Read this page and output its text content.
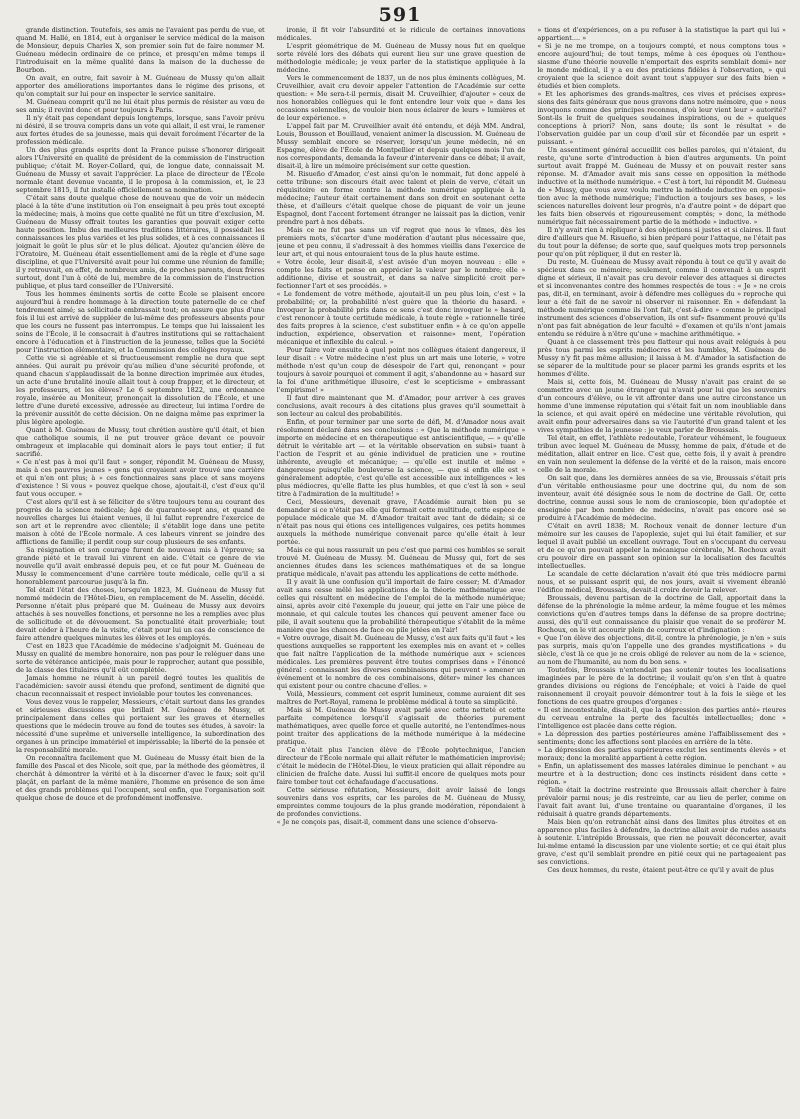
591

grande distinction. Toutefois, ses amis ne l'avaient pas perdu de vue, et quand M. Hallé, en 1814, eut à organiser le service médical de la maison de Monsieur, depuis Charles X, son premier soin fut de faire nommer M. Guéneau médecin ordinaire de ce prince, et presqu'en même temps il l'introduisait en la même qualité dans la maison de la duchesse de Bourbon.

On avait, en outre, fait savoir à M. Guéneau de Mussy qu'on allait apporter des améliorations importantes dans le régime des prisons, et qu'on comptait sur lui pour en inspecter le service sanitaire.

M. Guéneau comprit qu'il ne lui était plus permis de résister au vœu de ses amis; il revint donc et pour toujours à Paris.

Il n'y était pas cependant depuis longtemps, lorsque, sans l'avoir prévu ni désiré, il se trouva compris dans un vote qui allait, il est vrai, le ramener aux fortes études de sa jeunesse, mais qui devait forcément l'écarter de la profession médicale.

Un des plus grands esprits dont la France puisse s'honorer dirigeait alors l'Université en qualité de président de la commission de l'instruction publique; c'était M. Royer-Collard, qui, de longue date, connaissait M. Guéneau de Mussy et savait l'apprécier. La place de directeur de l'École normale étant devenue vacante, il le proposa à la commission, et, le 23 septembre 1815, il fut installé officiellement sa nomination.

C'était sans doute quelque chose de nouveau que de voir un médecin placé à la tête d'une institution où l'on enseignait à peu près tout excepté la médecine; mais, à moins que cette qualité ne fût un titre d'exclusion, M. Guéneau de Mussy offrait toutes les garanties que pouvait exiger cette haute position. Imbu des meilleures traditions littéraires, il possédait les connaissances les plus variées et les plus solides, et à ces connaissances il joignait le goût le plus sûr et le plus délicat. Ajoutez qu'ancien élève de l'Oratoire, M. Guéneau était essentiellement ami de la règle et d'une sage discipline, et que l'Université avait pour lui comme une réunion de famille; il y retrouvait, en effet, de nombreux amis, de proches parents, deux frères surtout, dont l'un à côté de lui, membre de la commission de l'instruction publique, et plus tard conseiller de l'Université.

Tous les hommes éminents sortis de cette École se plaisent encore aujourd'hui à rendre hommage à la direction toute paternelle de ce chef tendrement aimé; sa sollicitude embrassait tout; on assure que plus d'une fois il lui est arrivé de suppléer de lui-même des professeurs absents pour que les cours ne fussent pas interrompus. Le temps que lui laissaient les soins de l'École, il le consacrait à d'autres institutions qui se rattachaient encore à l'éducation et à l'instruction de la jeunesse, telles que la Société pour l'instruction élémentaire, et la Commission des collèges royaux.

Cette vie si agréable et si fructueusement remplie ne dura que sept années. Qui aurait pu prévoir qu'au milieu d'une sécurité profonde, et quand chacun s'applaudissait de la bonne direction imprimée aux études, un acte d'une brutalité inouïe allait tout à coup frapper, et le directeur, et les professeurs, et les élèves? Le 6 septembre 1822, une ordonnance royale, insérée au Moniteur, prononçait la dissolution de l'École, et une lettre d'une dureté excessive, adressée au directeur, lui intima l'ordre de la prévenir aussitôt de cette décision. On ne daigna même pas exprimer la plus légère apologie.

Quant à M. Guéneau de Mussy, tout chrétien austère qu'il était, et bien que catholique soumis, il ne put trouver grâce devant ce pouvoir ombrageux et implacable qui dominait alors le pays tout entier; il fut sacrifié.

« Ce n'est pas à moi qu'il faut » songer, répondit M. Guéneau de Mussy, mais à ces pauvres jeunes » gens qui croyaient avoir trouvé une carrière et qui n'en ont plus; à » ces fonctionnaires sans place et sans moyens d'existence ! Si vous » pouvez quelque chose, ajoutait-il, c'est d'eux qu'il faut vous occuper. »

C'est alors qu'il est à se féliciter de s'être toujours tenu au courant des progrès de la science médicale; âgé de quarante-sept ans, et quand de nouvelles charges lui étaient venues, il lui fallut reprendre l'exercice de son art et le reprendre avec clientèle; il s'établit loge dans une petite maison à côté de l'École normale. A ces labeurs vinrent se joindre des afflictions de famille; il perdit coup sur coup plusieurs de ses enfants.

Sa résignation et son courage furent de nouveau mis à l'épreuve; sa grande piété et le travail lui vinrent en aide. C'était ce genre de vie nouvelle qu'il avait embrassé depuis peu, et ce fut pour M. Guéneau de Mussy le commencement d'une carrière toute médicale, celle qu'il a si honorablement parcourue jusqu'à la fin.

Tel était l'état des choses, lorsqu'en 1823, M. Guéneau de Mussy fut nommé médecin de l'Hôtel-Dieu, en remplacement de M. Asselin, décédé. Personne n'était plus préparé que M. Guéneau de Mussy aux devoirs attachés à ses nouvelles fonctions, et personne ne les a remplies avec plus de sollicitude et de dévouement. Sa ponctualité était proverbiale; tout devait céder à l'heure de la visite, c'était pour lui un cas de conscience de faire attendre quelques minutes les élèves et les employés.

C'est en 1823 que l'Académie de médecine s'adjoignit M. Guéneau de Mussy en qualité de membre honoraire, non pas pour le reléguer dans une sorte de vétérance anticipée, mais pour le rapprocher, autant que possible, de la classe des titulaires qu'il eût complétée.

Jamais homme ne réunit à un pareil degré toutes les qualités de l'académicien: savoir aussi étendu que profond, sentiment de dignité que chacun reconnaissait et respect inviolable pour toutes les convenances.

Vous devez vous le rappeler, Messieurs, c'était surtout dans les grandes et sérieuses discussions que brillait M. Guéneau de Mussy, et principalement dans celles qui portaient sur les graves et éternelles questions que le médecin trouve au fond de toutes ses études, à savoir: la nécessité d'une suprême et universelle intelligence, la subordination des organes à un principe immatériel et impérissable; la liberté de la pensée et la responsabilité morale.

On reconnaîtra facilement que M. Guéneau de Mussy était bien de la famille des Pascal et des Nicole, soit que, par la méthode des géomètres, il cherchât à démontrer la vérité et à la discerner d'avec le faux; soit qu'il plaçât, en parlant de la même manière, l'homme en présence de son âme et des grands problèmes qui l'occupent, seul enfin, que l'organisation soit quelque chose de douce et de profondément inoffensive.

ironie, il fit voir l'absurdité et le ridicule de certaines innovations médicales.

L'esprit géométrique de M. Guéneau de Mussy nous fut en quelque sorte révélé lors des débats qui eurent lieu sur une grave question de méthodologie médicale; je veux parler de la statistique appliquée à la médecine.

Vers le commencement de 1837, un de nos plus éminents collègues, M. Cruveilhier, avait cru devoir appeler l'attention de l'Académie sur cette question: « Me sera-t-il permis, disait M. Cruveilhier, d'ajouter » ceux de nos honorables collègues qui le font entendre leur voix que » dans les occasions solennelles, de vouloir bien nous éclairer de leurs » lumières et de leur expérience. »

L'appel fait par M. Cruveilhier avait été entendu, et déjà MM. Andral, Louis, Bousson et Bouillaud, venaient animer la discussion. M. Guéneau de Mussy semblait encore se réserver, lorsqu'un jeune médecin, né en Espagne, élève de l'École de Montpellier et depuis quelques mois l'un de nos correspondants, demanda la faveur d'intervenir dans ce débat; il avait, disait-il, à lire un mémoire précisément sur cette question.

M. Risueño d'Amador, c'est ainsi qu'on le nommait, fut donc appelé à cette tribune: son discours était avec talent et plein de verve, c'était un réquisitoire en forme contre la méthode numérique appliquée à la médecine; l'auteur était certainement dans son droit en soutenant cette thèse, et d'ailleurs c'était quelque chose de piquant de voir un jeune Espagnol, dont l'accent fortement étranger ne laissait pas la diction, venir prendre part à nos débats.

Mais ce ne fut pas sans un vif regret que nous le vîmes, dès les premiers mots, s'écarter d'une modération d'autant plus nécessaire que, jeune et peu connu, il s'adressait à des hommes vieillis dans l'exercice de leur art, et qui nous entouraient tous de la plus haute estime.

« Votre école, leur disait-il, s'est avisée d'un moyen nouveau : elle » compte les faits et pense en apprécier la valeur par le nombre; elle » additionne, divise et soustrait, et dans sa naïve simplicité croit per» fectionner l'art et ses procédés. »

« Le fondement de votre méthode, ajoutait-il un peu plus loin, c'est » la probabilité; or, la probabilité n'est guère que la théorie du hasard. » Invoquer la probabilité pris dans ce sens c'est donc invoquer le » hasard, c'est renoncer à toute certitude médicale, à toute règle » rationnelle tirée des faits propres à la science, c'est substituer enfin » à ce qu'on appelle induction, expérience, observation et raisonne» ment, l'opération mécanique et inflexible du calcul. »

Pour faire voir ensuite à quel point nos collègues étaient dangereux, il leur disait : « Votre médecine n'est plus un art mais une loterie, » votre méthode n'est qu'un coup de désespoir de l'art qui, renonçant » pour toujours à savoir pourquoi et comment il agit, s'abandonne au » hasard sur la foi d'une arithmétique illusoire, c'est le scepticisme » embrassant l'empirisme! »

Il faut dire maintenant que M. d'Amador, pour arriver à ces graves conclusions, avait recours à des citations plus graves qu'il soumettait à son lecteur au calcul des probabilités.

Enfin, et pour terminer par une sorte de défi, M. d'Amador nous avait résolument déclaré dans ses conclusions : « Que la méthode numérique » importe en médecine et en thérapeutique est antiscientifique, — » qu'elle détruit le véritable art — et la véritable observation en subsi» tuant à l'action de l'esprit et au génie individuel de praticien une » routine inhérente, aveugle et mécanique; — qu'elle est inutile et même » dangereuse puisqu'elle bouleverse la science, — que si enfin elle est » généralement adoptée, c'est qu'elle est accessible aux intelligences » les plus médiocres, qu'elle flatte les plus humbles, et que c'est là son » seul titre à l'admiration de la multitude! »

Ceci, Messieurs, devenait grave, l'Académie aurait bien pu se demander si ce n'était pas elle qui formait cette multitude, cette espèce de populace médicale que M. d'Amador traitait avec tant de dédain; si ce n'était pas nous qui étions ces intelligences vulgaires, ces petits hommes auxquels la méthode numérique convenait parce qu'elle était à leur portée.

Mais ce qui nous rassurait un peu c'est que parmi ces humbles se serait trouvé M. Guéneau de Mussy. M. Guéneau de Mussy qui, fort de ses anciennes études dans les sciences mathématiques et de sa longue pratique médicale, n'avait pas attendu les applications de cette méthode.

Il y avait là une confusion qu'il importait de faire cesser; M. d'Amador avait sans cesse mêlé les applications de la théorie mathématique avec celles qui résultent en médecine de l'emploi de la méthode numérique; ainsi, après avoir cité l'exemple du joueur, qui jette en l'air une pièce de monnaie, et qui calcule toutes les chances qui peuvent amener face ou pile, il avait soutenu que la probabilité thérapeutique s'établit de la même manière que les chances de face ou pile jetées en l'air!

« Votre ouvrage, disait M. Guéneau de Mussy, c'est aux faits qu'il faut » les questions auxquelles se rapportent les exemples mis en avant et » celles que fait naître l'application de la méthode numérique aux » sciences médicales. Les premières peuvent être toutes comprises dans » l'énoncé général : connaissant les diverses combinaisons qui peuvent » amener un événement et le nombre de ces combinaisons, déter» miner les chances qui existent pour ou contre chacune d'elles. »

Voilà, Messieurs, comment cet esprit lumineux, comme auraient dit ses maîtres de Port-Royal, ramena le problème médical à toute sa simplicité.

Mais si M. Guéneau de Mussy avait parlé avec cette netteté et cette parfaite compétence lorsqu'il s'agissait de théories purement mathématiques, avec quelle force et quelle autorité, ne l'entendîmes-nous point traiter des applications de la méthode numérique à la médecine pratique.

Ce n'était plus l'ancien élève de l'École polytechnique, l'ancien directeur de l'École normale qui allait réfuter le mathématicien improvisé; c'était le médecin de l'Hôtel-Dieu, le vieux praticien qui allait répondre au clinicien de fraîche date. Aussi lui suffit-il encore de quelques mots pour faire tomber tout cet échafaudage d'accusations.

Cette sérieuse réfutation, Messieurs, doit avoir laissé de longs souvenirs dans vos esprits, car les paroles de M. Guéneau de Mussy, empreintes comme toujours de la plus grande modération, répondaient à de profondes convictions.

« Je ne conçois pas, disait-il, comment dans une science d'observa-

» tions et d'expériences, on a pu refuser à la statistique la part qui lui » appartient.... »

« Si je ne me trompe, on a toujours compté, et nous comptons tous » encore aujourd'hui; de tout temps, même à ces époques où l'enthou» siasme d'une théorie nouvelle n'emportait des esprits semblait domi» ner le monde médical, il y a eu des praticiens fidèles à l'observation, » qui croyaient que la science doit avant tout s'appuyer sur des faits bien » étudiés et bien complets.

» Et les aphorismes des grands-maîtres, ces vives et précises expres» sions des faits généraux que nous gravons dans notre mémoire, que » nous invoquons comme des principes reconnus, d'où leur vient leur » autorité? Sont-ils le fruit de quelques soudaines inspirations, ou de » quelques conceptions à priori? Non, sans doute; ils sont le résultat » de l'observation guidée par un coup d'œil sûr et fécondée par un esprit » puissant. »

Un assentiment général accueillit ces belles paroles, qui n'étaient, du reste, qu'une sorte d'introduction à bien d'autres arguments. Un point surtout avait frappé M. Guéneau de Mussy et on pouvait rester sans réponse. M. d'Amador avait mis sans cesse en opposition la méthode inductive et la méthode numérique. « C'est à tort, lui répondit M. Guéneau de » Mussy, que vous avez voulu mettre la méthode inductive en opposi» tion avec la méthode numérique; l'induction a toujours ses bases, » les sciences naturelles doivent leur progrès, n'a d'autre point » de départ que les faits bien observés et rigoureusement comptés; » donc, la méthode numérique fait nécessairement partie de la méthode » inductive. »

Il n'y avait rien à répliquer à des objections si justes et si claires. Il faut dire d'ailleurs que M. Risueño, si bien préparé pour l'attaque, ne l'était pas du tout pour la défense; de sorte que, sauf quelques mots trop personnels pour qu'on pût répliquer, il dut en rester là.

Du reste, M. Guéneau de Mussy avait répondu à tout ce qu'il y avait de spécieux dans ce mémoire; seulement, comme il convenait à un esprit digne et sérieux, il n'avait pas cru devoir relever des attaques si directes et si inconvenantes contre des hommes respectés de tous : « Je » ne crois pas, dit-il, en terminant, avoir à défendre mes collègues du » reproche qui leur a été fait de ne savoir ni observer ni raisonner. En » défendant la méthode numérique comme ils l'ont fait, c'est-à-dire » comme le principal instrument des sciences d'observation, ils ont suf» fisamment prouvé qu'ils n'ont pas fait abnégation de leur faculté » d'examen et qu'ils n'ont jamais entendu se réduire à n'être qu'une » machine arithmétique. »

Quant à ce classement très peu flatteur qui nous avait relégués à peu près tous parmi les esprits médiocres et les humbles, M. Guéneau de Mussy n'y fit pas même allusion; il laissa à M. d'Amador la satisfaction de se séparer de la multitude pour se placer parmi les grands esprits et les hommes d'élite.

Mais si, cette fois, M. Guéneau de Mussy n'avait pas craint de se commettre avec un jeune étranger qui n'avait pour lui que les souvenirs d'un concours d'élève, ou le vit affronter dans une autre circonstance un homme d'une immense réputation qui s'était fait un nom inoubliable dans la science, et qui avait opéré en médecine une véritable révolution, qui avait enfin pour adversaires dans sa vie l'autorité d'un grand talent et les vives sympathies de la jeunesse : je veux parler de Broussais.

Tel était, en effet, l'athlète redoutable, l'orateur véhément, le fougueux tribun avec lequel M. Guéneau de Mussy, homme de paix, d'étude et de méditation, allait entrer en lice. C'est que, cette fois, il y avait à prendre en vain non seulement la défense de la vérité et de la raison, mais encore celle de la morale.

On sait que, dans les dernières années de sa vie, Broussais s'était pris d'un véritable enthousiasme pour une doctrine qui, du nom de son inventeur, avait été désignée sous le nom de doctrine de Gall. Or, cette doctrine, connue aussi sous le nom de cranioscopie, bien qu'adoptée et enseignée par bon nombre de médecins, n'avait pas encore osé se produire à l'Académie de médecine.

C'était en avril 1838; M. Rochoux venait de donner lecture d'un mémoire sur les causes de l'apoplexie, sujet qui lui était familier, et sur lequel il avait publié un excellent ouvrage. Tout en s'occupant du cerveau et de ce qu'on pouvait appeler la mécanique cérébrale, M. Rochoux avait cru pouvoir dire en passant son opinion sur la localisation des facultés intellectuelles.

Le scandale de cette déclaration n'avait été que très médiocre parmi nous, et se puissant esprit qui, de nos jours, avait si vivement ébranlé l'édifice médical, Broussais, devait-il croire devoir la relever.

Broussais, devenu partisan de la doctrine de Gall, apportait dans la défense de la phrénologie la même ardeur, la même fougue et les mêmes convictions qu'en d'autres temps dans la défense de sa propre doctrine; aussi, dès qu'il eut connaissance du plaisir que venait de se proférer M. Rochoux, on le vit accourir plein de courroux et d'indignation :

« Que l'on élève des objections, dit-il, contre la phrénologie, je n'en » suis pas surpris, mais qu'on l'appelle une des grandes mystifications » du siècle, c'est là ce que je ne crois obligé de relever au nom de la » science, au nom de l'humanité, au nom du bon sens. »

Toutefois, Broussais n'entendait pas soutenir toutes les localisations imaginées par le père de la doctrine; il voulait qu'on s'en tînt à quatre grandes divisions ou régions de l'encéphale; et voici à l'aide de quel raisonnement il croyait pouvoir démontrer tout à la fois le siège et les fonctions de ces quatre groupes d'organes :

« Il est incontestable, disait-il, que la dépression des parties anté» rieures du cerveau entraîne la perte des facultés intellectuelles; donc » l'intelligence est placée dans cette région.

» La dépression des parties postérieures amène l'affaiblissement des » sentiments; donc les affections sont placées en arrière de la tête.

» La dépression des parties supérieures exclut les sentiments élevés » et moraux; donc la moralité appartient à cette région.

» Enfin, un aplatissement des masses latérales diminue le penchant » au meurtre et à la destruction; donc ces instincts résident dans cette » région. »

Telle était la doctrine restreinte que Broussais allait chercher à faire prévaloir parmi nous; je dis restreinte, car au lieu de perler, comme on l'avait fait avant lui, d'une trentaine ou quarantaine d'organes, il les réduisait à quatre grands départements.

Mais bien qu'on retranchât ainsi dans des limites plus étroites et en apparence plus faciles à défendre, la doctrine allait avoir de rudes assauts à soutenir. L'intrépide Broussais, que rien ne pouvait déconcerter, avait lui-même entamé la discussion par une violente sortie; et ce qui était plus grave, c'est qu'il semblait prendre en pitié ceux qui ne partageaient pas ses convictions.

Ces deux hommes, du reste, étaient peut-être ce qu'il y avait de plus
